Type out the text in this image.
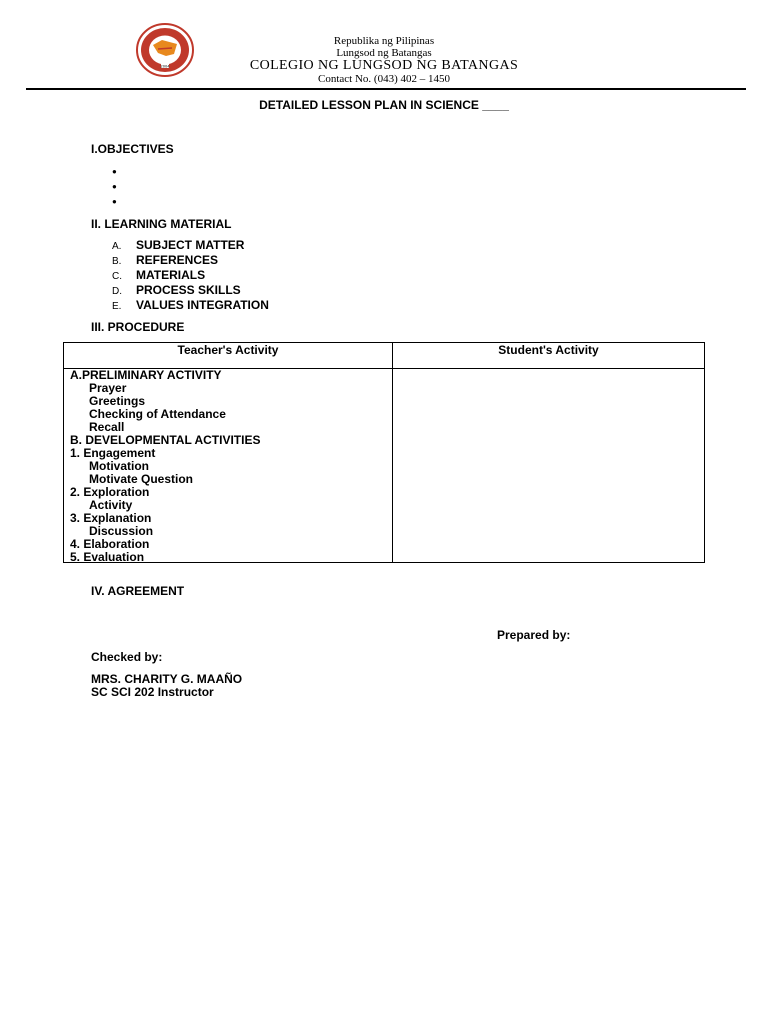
2004
Republika ng Pilipinas
Lungsod ng Batangas
COLEGIO NG LUNGSOD NG BATANGAS
Contact No. (043) 402 – 1450
DETAILED LESSON PLAN IN SCIENCE ____
I.OBJECTIVES
●
●
●
II. LEARNING MATERIAL
A. SUBJECT MATTER
B. REFERENCES
C. MATERIALS
D. PROCESS SKILLS
E. VALUES INTEGRATION
III. PROCEDURE
Teacher's Activity	Student's Activity
A.PRELIMINARY ACTIVITY
Prayer
Greetings
Checking of Attendance
Recall
B. DEVELOPMENTAL ACTIVITIES
1. Engagement
Motivation
Motivate Question
2. Exploration
Activity
3. Explanation
Discussion
4. Elaboration
5. Evaluation
IV. AGREEMENT
Prepared by:
Checked by:
MRS. CHARITY G. MAAÑO
SC SCI 202 Instructor
